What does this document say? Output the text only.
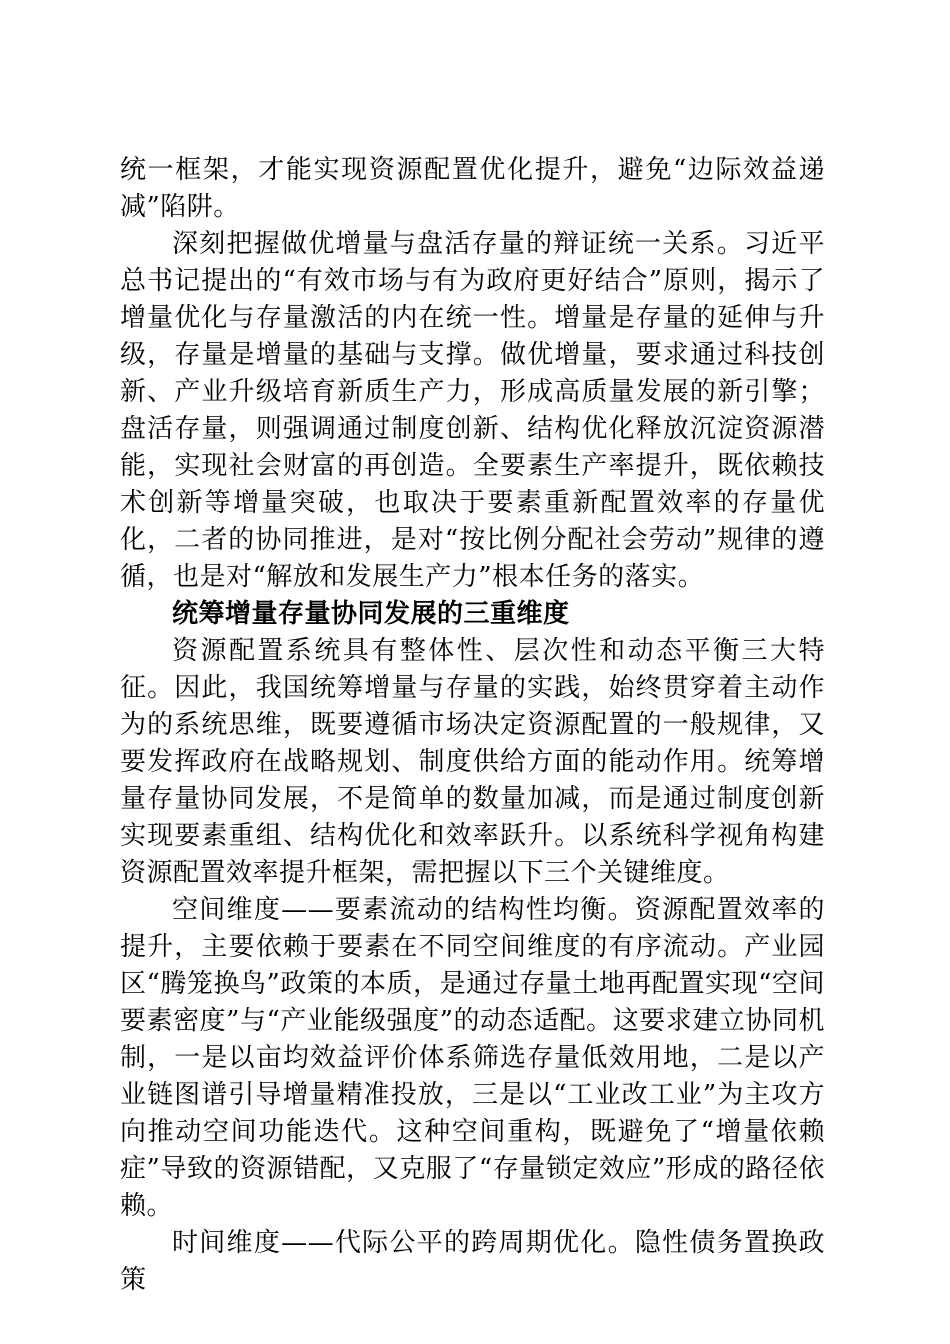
统一框架，才能实现资源配置优化提升，避免“边际效益递减”陷阱。

深刻把握做优增量与盘活存量的辩证统一关系。习近平总书记提出的“有效市场与有为政府更好结合”原则，揭示了增量优化与存量激活的内在统一性。增量是存量的延伸与升级，存量是增量的基础与支撑。做优增量，要求通过科技创新、产业升级培育新质生产力，形成高质量发展的新引擎；盘活存量，则强调通过制度创新、结构优化释放沉淀资源潜能，实现社会财富的再创造。全要素生产率提升，既依赖技术创新等增量突破，也取决于要素重新配置效率的存量优化，二者的协同推进，是对“按比例分配社会劳动”规律的遵循，也是对“解放和发展生产力”根本任务的落实。

统筹增量存量协同发展的三重维度

资源配置系统具有整体性、层次性和动态平衡三大特征。因此，我国统筹增量与存量的实践，始终贯穿着主动作为的系统思维，既要遵循市场决定资源配置的一般规律，又要发挥政府在战略规划、制度供给方面的能动作用。统筹增量存量协同发展，不是简单的数量加减，而是通过制度创新实现要素重组、结构优化和效率跃升。以系统科学视角构建资源配置效率提升框架，需把握以下三个关键维度。

空间维度——要素流动的结构性均衡。资源配置效率的提升，主要依赖于要素在不同空间维度的有序流动。产业园区“腾笼换鸟”政策的本质，是通过存量土地再配置实现“空间要素密度”与“产业能级强度”的动态适配。这要求建立协同机制，一是以亩均效益评价体系筛选存量低效用地，二是以产业链图谱引导增量精准投放，三是以“工业改工业”为主攻方向推动空间功能迭代。这种空间重构，既避免了“增量依赖症”导致的资源错配，又克服了“存量锁定效应”形成的路径依赖。

时间维度——代际公平的跨周期优化。隐性债务置换政策
